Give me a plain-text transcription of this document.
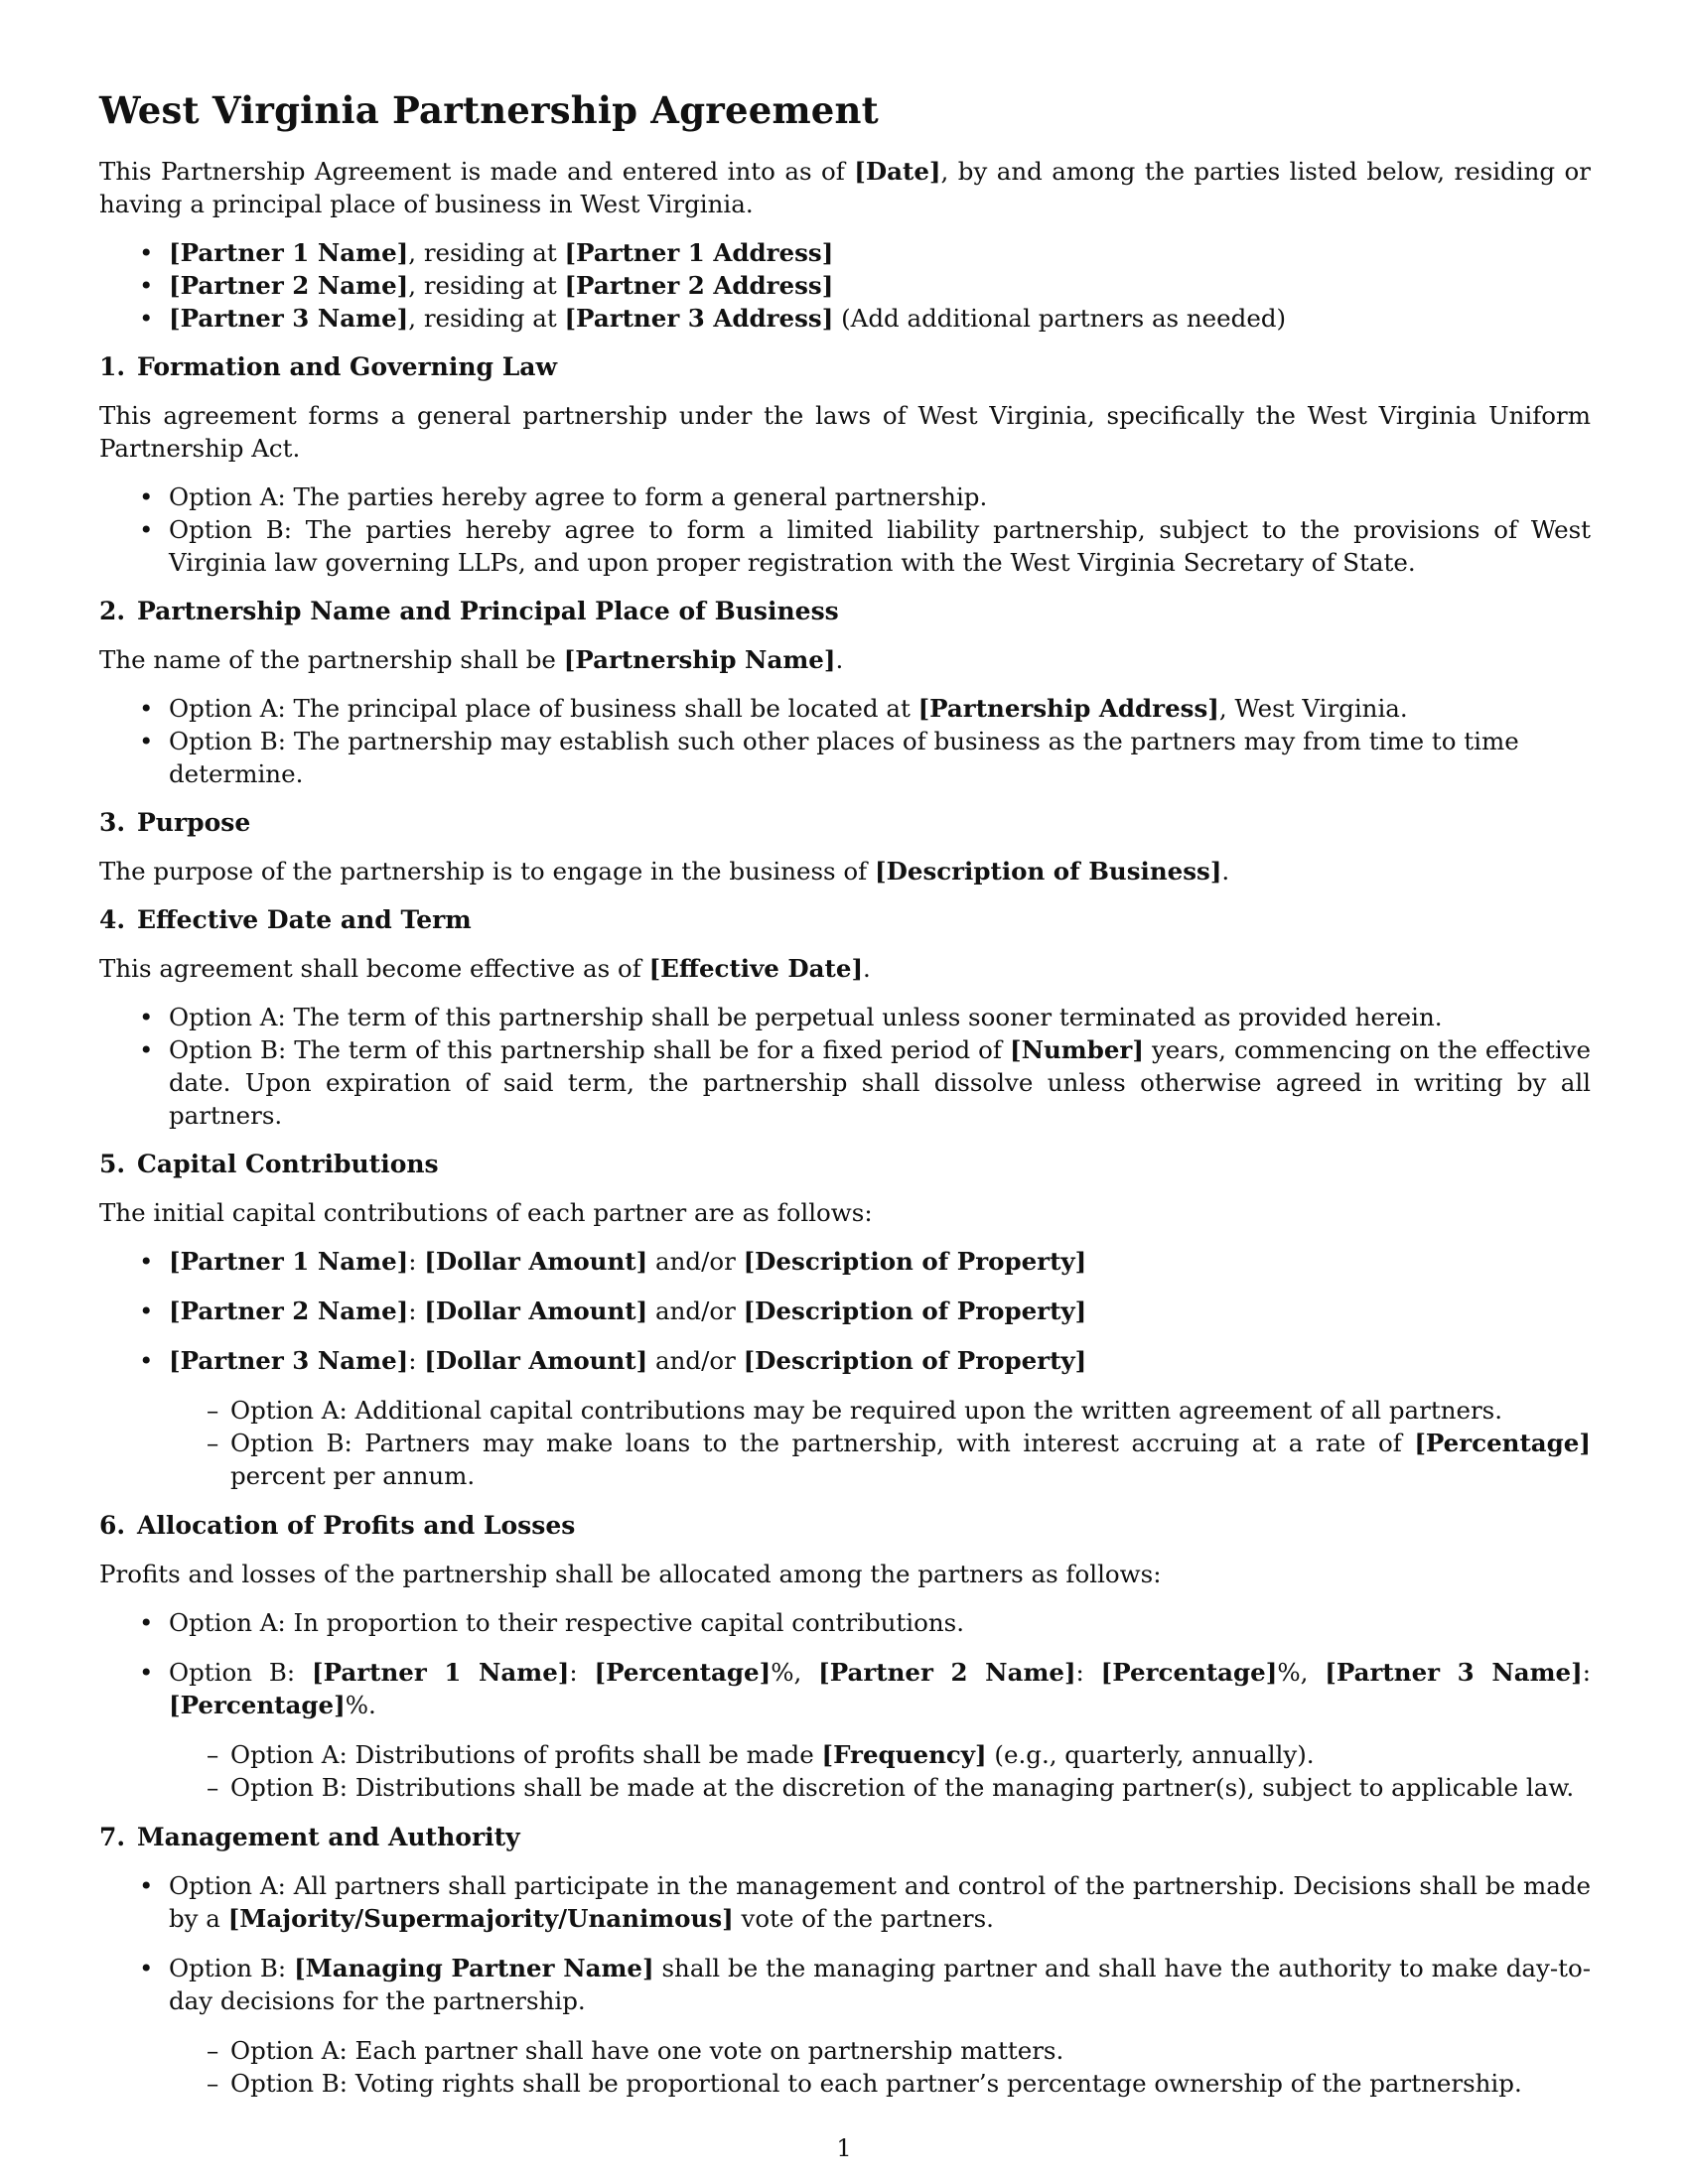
West Virginia Partnership Agreement

This Partnership Agreement is made and entered into as of [Date], by and among the parties listed below, residing or having a principal place of business in West Virginia.

• [Partner 1 Name], residing at [Partner 1 Address]
• [Partner 2 Name], residing at [Partner 2 Address]
• [Partner 3 Name], residing at [Partner 3 Address] (Add additional partners as needed)
1. Formation and Governing Law

This agreement forms a general partnership under the laws of West Virginia, specifically the West Virginia Uniform Partnership Act.

• Option A: The parties hereby agree to form a general partnership.
• Option B: The parties hereby agree to form a limited liability partnership, subject to the provisions of West Virginia law governing LLPs, and upon proper registration with the West Virginia Secretary of State.
2. Partnership Name and Principal Place of Business

The name of the partnership shall be [Partnership Name].

• Option A: The principal place of business shall be located at [Partnership Address], West Virginia.
• Option B: The partnership may establish such other places of business as the partners may from time to time determine.
3. Purpose

The purpose of the partnership is to engage in the business of [Description of Business].

4. Effective Date and Term

This agreement shall become effective as of [Effective Date].

• Option A: The term of this partnership shall be perpetual unless sooner terminated as provided herein.
• Option B: The term of this partnership shall be for a fixed period of [Number] years, commencing on the effective date. Upon expiration of said term, the partnership shall dissolve unless otherwise agreed in writing by all partners.
5. Capital Contributions

The initial capital contributions of each partner are as follows:

• [Partner 1 Name]: [Dollar Amount] and/or [Description of Property]
• [Partner 2 Name]: [Dollar Amount] and/or [Description of Property]
• [Partner 3 Name]: [Dollar Amount] and/or [Description of Property]
– Option A: Additional capital contributions may be required upon the written agreement of all partners.
– Option B: Partners may make loans to the partnership, with interest accruing at a rate of [Percentage] percent per annum.
6. Allocation of Profits and Losses

Profits and losses of the partnership shall be allocated among the partners as follows:

• Option A: In proportion to their respective capital contributions.
• Option B: [Partner 1 Name]: [Percentage]%, [Partner 2 Name]: [Percentage]%, [Partner 3 Name]: [Percentage]%.
– Option A: Distributions of profits shall be made [Frequency] (e.g., quarterly, annually).
– Option B: Distributions shall be made at the discretion of the managing partner(s), subject to applicable law.
7. Management and Authority
• Option A: All partners shall participate in the management and control of the partnership. Decisions shall be made by a [Majority/Supermajority/Unanimous] vote of the partners.
• Option B: [Managing Partner Name] shall be the managing partner and shall have the authority to make day-to-day decisions for the partnership.
– Option A: Each partner shall have one vote on partnership matters.
– Option B: Voting rights shall be proportional to each partner’s percentage ownership of the partnership.
1
